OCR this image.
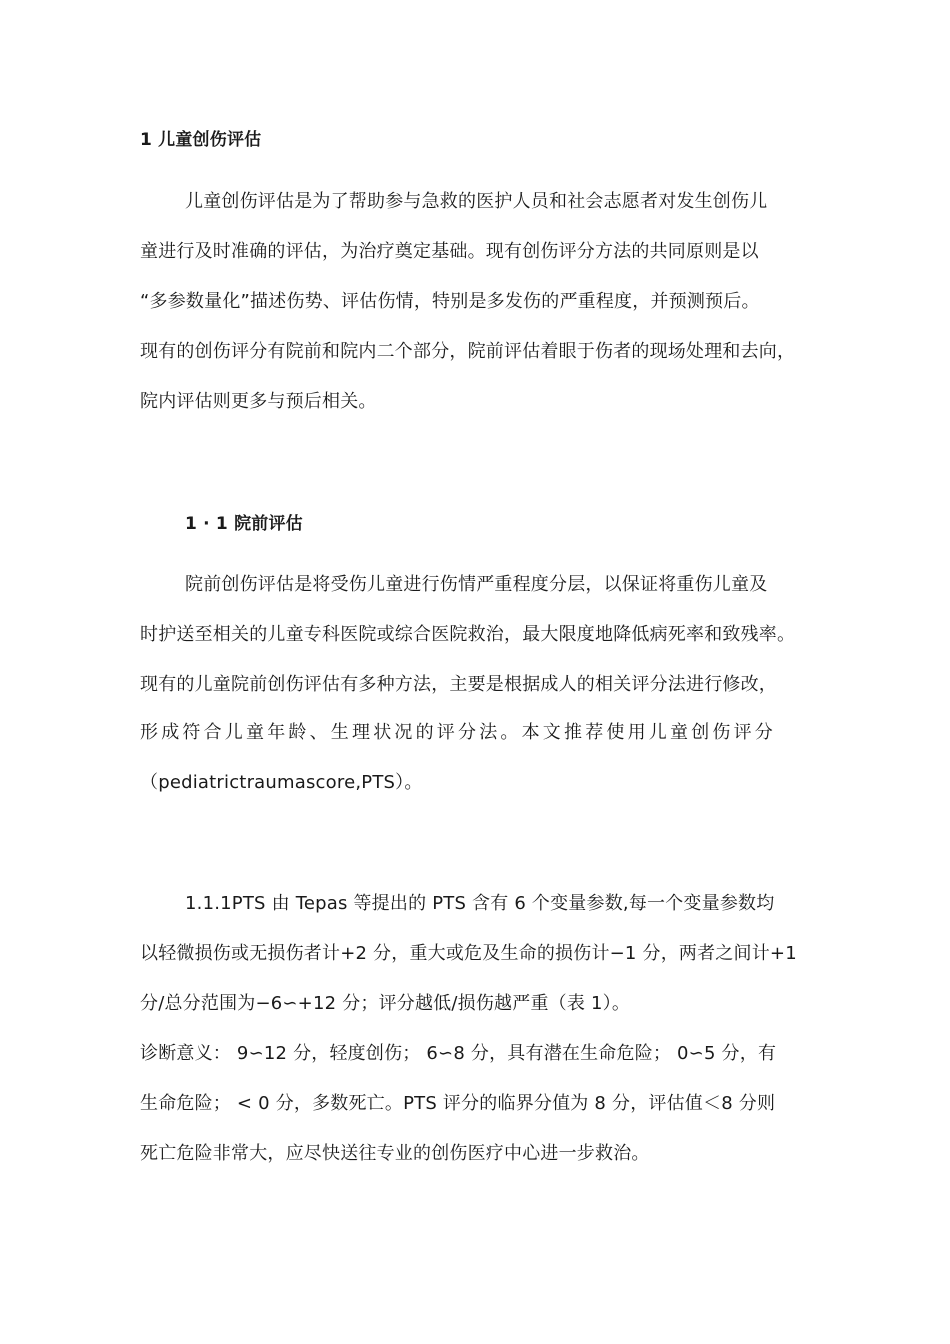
1 儿童创伤评估
儿童创伤评估是为了帮助参与急救的医护人员和社会志愿者对发生创伤儿
童进行及时准确的评估，为治疗奠定基础。现有创伤评分方法的共同原则是以
“多参数量化”描述伤势、评估伤情，特别是多发伤的严重程度，并预测预后。
现有的创伤评分有院前和院内二个部分，院前评估着眼于伤者的现场处理和去向，
院内评估则更多与预后相关。
1 · 1 院前评估
院前创伤评估是将受伤儿童进行伤情严重程度分层，以保证将重伤儿童及
时护送至相关的儿童专科医院或综合医院救治，最大限度地降低病死率和致残率。
现有的儿童院前创伤评估有多种方法，主要是根据成人的相关评分法进行修改，
形成符合儿童年龄、生理状况的评分法。本文推荐使用儿童创伤评分
（pediatrictraumascore,PTS）。
1.1.1PTS 由 Tepas 等提出的 PTS 含有 6 个变量参数,每一个变量参数均
以轻微损伤或无损伤者计+2 分，重大或危及生命的损伤计−1 分，两者之间计+1
分/总分范围为−6∽+12 分；评分越低/损伤越严重（表 1）。
诊断意义： 9∽12 分，轻度创伤； 6∽8 分，具有潜在生命危险； 0∽5 分，有
生命危险； < 0 分，多数死亡。PTS 评分的临界分值为 8 分，评估值＜8 分则
死亡危险非常大，应尽快送往专业的创伤医疗中心进一步救治。
